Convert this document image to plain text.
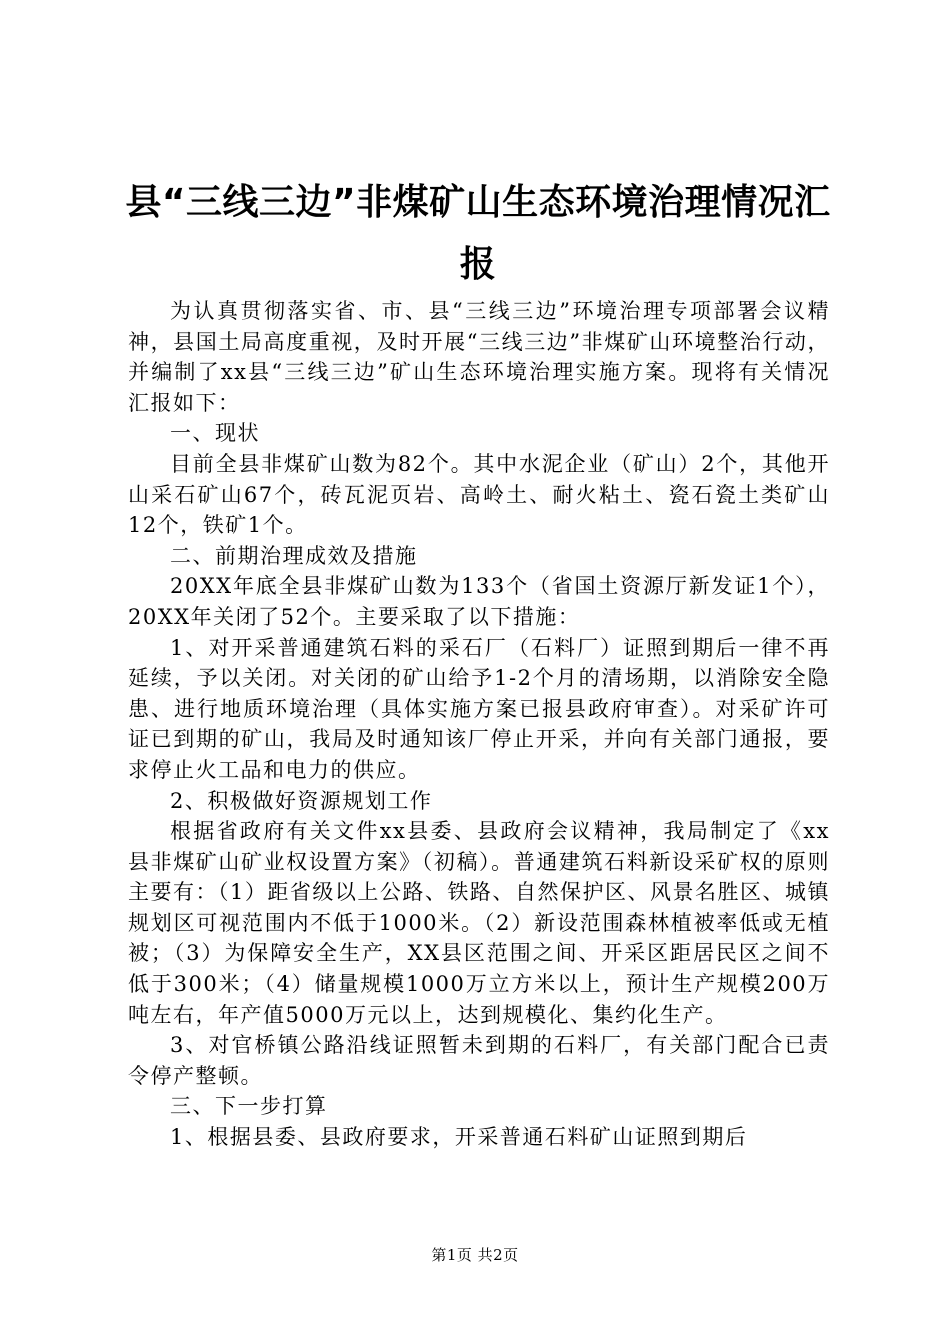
县“三线三边”非煤矿山生态环境治理情况汇报

为认真贯彻落实省、市、县“三线三边”环境治理专项部署会议精神，县国土局高度重视，及时开展“三线三边”非煤矿山环境整治行动，并编制了xx县“三线三边”矿山生态环境治理实施方案。现将有关情况汇报如下：

一、现状

目前全县非煤矿山数为82个。其中水泥企业（矿山）2个，其他开山采石矿山67个，砖瓦泥页岩、高岭土、耐火粘土、瓷石瓷土类矿山12个，铁矿1个。

二、前期治理成效及措施

20XX年底全县非煤矿山数为133个（省国土资源厅新发证1个），20XX年关闭了52个。主要采取了以下措施：

1、对开采普通建筑石料的采石厂（石料厂）证照到期后一律不再延续，予以关闭。对关闭的矿山给予1-2个月的清场期，以消除安全隐患、进行地质环境治理（具体实施方案已报县政府审查）。对采矿许可证已到期的矿山，我局及时通知该厂停止开采，并向有关部门通报，要求停止火工品和电力的供应。

2、积极做好资源规划工作

根据省政府有关文件xx县委、县政府会议精神，我局制定了《xx县非煤矿山矿业权设置方案》（初稿）。普通建筑石料新设采矿权的原则主要有：（1）距省级以上公路、铁路、自然保护区、风景名胜区、城镇规划区可视范围内不低于1000米。（2）新设范围森林植被率低或无植被；（3）为保障安全生产，XX县区范围之间、开采区距居民区之间不低于300米；（4）储量规模1000万立方米以上，预计生产规模200万吨左右，年产值5000万元以上，达到规模化、集约化生产。

3、对官桥镇公路沿线证照暂未到期的石料厂，有关部门配合已责令停产整顿。

三、下一步打算

1、根据县委、县政府要求，开采普通石料矿山证照到期后

第1页 共2页
